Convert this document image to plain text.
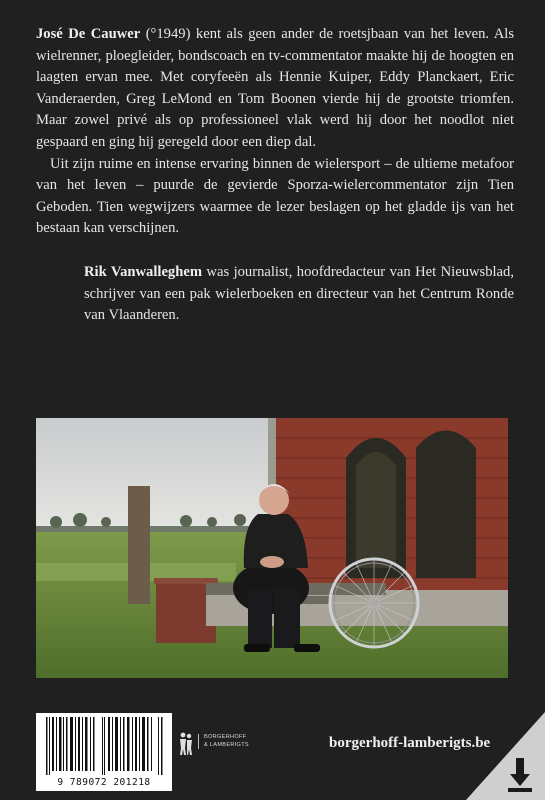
José De Cauwer (°1949) kent als geen ander de roetsjbaan van het leven. Als wielrenner, ploegleider, bondscoach en tv-commentator maakte hij de hoogten en laagten ervan mee. Met coryfeeën als Hennie Kuiper, Eddy Planckaert, Eric Vanderaerden, Greg LeMond en Tom Boonen vierde hij de grootste triomfen. Maar zowel privé als op professioneel vlak werd hij door het noodlot niet gespaard en ging hij geregeld door een diep dal.

Uit zijn ruime en intense ervaring binnen de wielersport – de ultieme metafoor van het leven – puurde de gevierde Sporza-wielercommentator zijn Tien Geboden. Tien wegwijzers waarmee de lezer beslagen op het gladde ijs van het bestaan kan verschijnen.

Rik Vanwalleghem was journalist, hoofdredacteur van Het Nieuwsblad, schrijver van een pak wielerboeken en directeur van het Centrum Ronde van Vlaanderen.

9 789072 201218
BORGERHOFF
& LAMBERIGTS	borgerhoff-lamberigts.be
